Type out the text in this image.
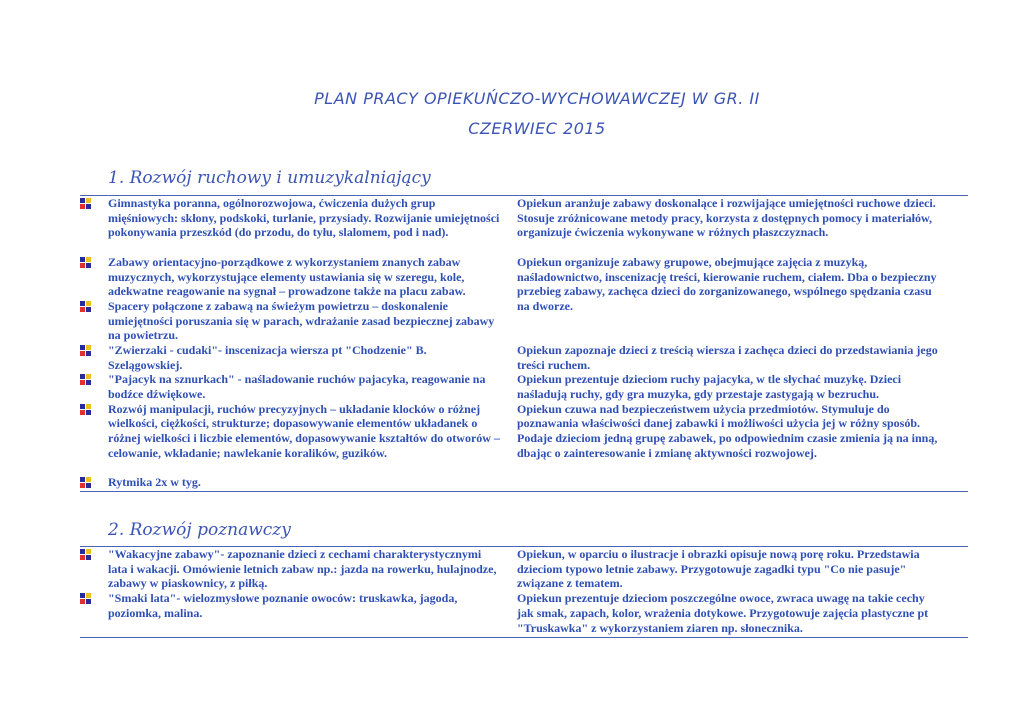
PLAN PRACY OPIEKUŃCZO-WYCHOWAWCZEJ W GR. II
CZERWIEC 2015
1. Rozwój ruchowy i umuzykalniający
Gimnastyka poranna, ogólnorozwojowa, ćwiczenia dużych grup mięśniowych: skłony, podskoki, turlanie, przysiady. Rozwijanie umiejętności pokonywania przeszkód (do przodu, do tyłu, slalomem, pod i nad).
Zabawy orientacyjno-porządkowe z wykorzystaniem znanych zabaw muzycznych, wykorzystujące elementy ustawiania się w szeregu, kole, adekwatne reagowanie na sygnał – prowadzone także na placu zabaw.
Spacery połączone z zabawą na świeżym powietrzu – doskonalenie umiejętności poruszania się w parach, wdrażanie zasad bezpiecznej zabawy na powietrzu.
"Zwierzaki - cudaki"- inscenizacja wiersza pt "Chodzenie" B. Szelągowskiej.
"Pajacyk na sznurkach" - naśladowanie ruchów pajacyka, reagowanie na bodźce dźwiękowe.
Rozwój manipulacji, ruchów precyzyjnych – układanie klocków o różnej wielkości, ciężkości, strukturze; dopasowywanie elementów układanek o różnej wielkości i liczbie elementów, dopasowywanie kształtów do otworów – celowanie, wkładanie; nawlekanie koralików, guzików.
Rytmika 2x w tyg.

Opiekun aranżuje zabawy doskonalące i rozwijające umiejętności ruchowe dzieci. Stosuje zróżnicowane metody pracy, korzysta z dostępnych pomocy i materiałów, organizuje ćwiczenia wykonywane w różnych płaszczyznach.

Opiekun organizuje zabawy grupowe, obejmujące zajęcia z muzyką, naśladownictwo, inscenizację treści, kierowanie ruchem, ciałem. Dba o bezpieczny przebieg zabawy, zachęca dzieci do zorganizowanego, wspólnego spędzania czasu na dworze.

Opiekun zapoznaje dzieci z treścią wiersza i zachęca dzieci do przedstawiania jego treści ruchem.

Opiekun prezentuje dzieciom ruchy pajacyka, w tle słychać muzykę. Dzieci naśladują ruchy, gdy gra muzyka, gdy przestaje zastygają w bezruchu.

Opiekun czuwa nad bezpieczeństwem użycia przedmiotów. Stymuluje do poznawania właściwości danej zabawki i możliwości użycia jej w różny sposób. Podaje dzieciom jedną grupę zabawek, po odpowiednim czasie zmienia ją na inną, dbając o zainteresowanie i zmianę aktywności rozwojowej.

2. Rozwój poznawczy
"Wakacyjne zabawy"- zapoznanie dzieci z cechami charakterystycznymi lata i wakacji. Omówienie letnich zabaw np.: jazda na rowerku, hulajnodze, zabawy w piaskownicy, z piłką.
"Smaki lata"- wielozmysłowe poznanie owoców: truskawka, jagoda, poziomka, malina.

Opiekun, w oparciu o ilustracje i obrazki opisuje nową porę roku. Przedstawia dzieciom typowo letnie zabawy. Przygotowuje zagadki typu "Co nie pasuje" związane z tematem.

Opiekun prezentuje dzieciom poszczególne owoce, zwraca uwagę na takie cechy jak smak, zapach, kolor, wrażenia dotykowe. Przygotowuje zajęcia plastyczne pt "Truskawka" z wykorzystaniem ziaren np. słonecznika.
